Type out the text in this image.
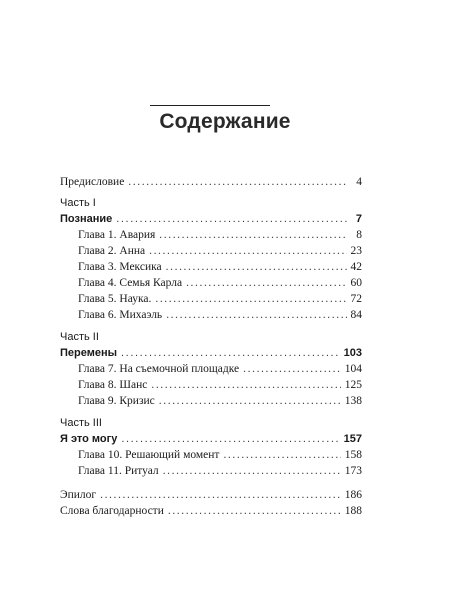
Содержание
Предисловие .....	4
Часть I
Познание .....	7
Глава 1. Авария .....	8
Глава 2. Анна .....	23
Глава 3. Мексика .....	42
Глава 4. Семья Карла .....	60
Глава 5. Наука. .....	72
Глава 6. Михаэль .....	84
Часть II
Перемены .....	103
Глава 7. На съемочной площадке .....	104
Глава 8. Шанс .....	125
Глава 9. Кризис .....	138
Часть III
Я это могу .....	157
Глава 10. Решающий момент .....	158
Глава 11. Ритуал .....	173
Эпилог .....	186
Слова благодарности .....	188
